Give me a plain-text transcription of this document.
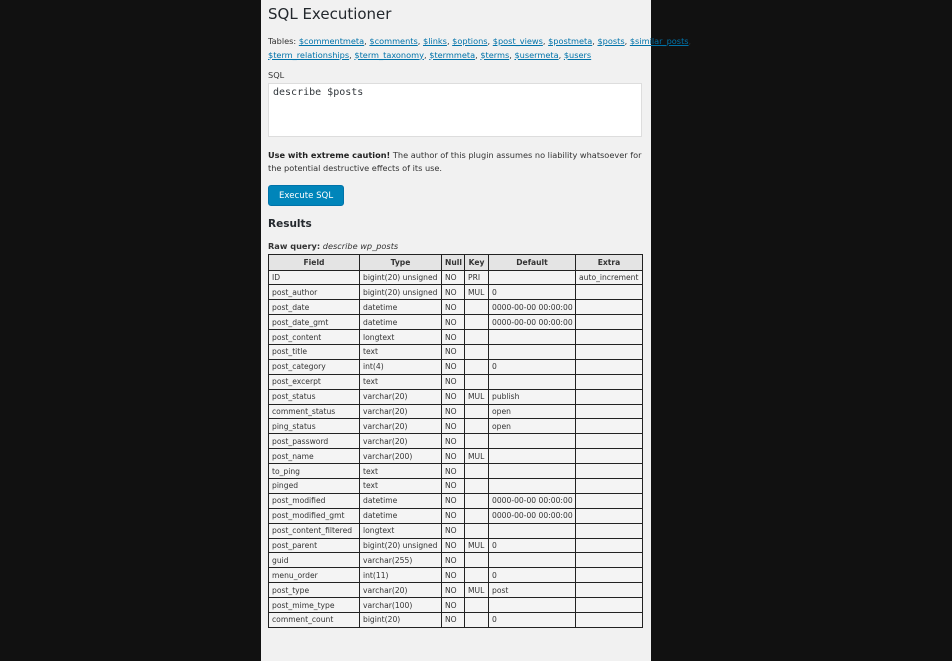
SQL Executioner
Tables: $commentmeta, $comments, $links, $options, $post_views, $postmeta, $posts, $similar_posts,
$term_relationships, $term_taxonomy, $termmeta, $terms, $usermeta, $users
SQL
describe $posts
Use with extreme caution! The author of this plugin assumes no liability whatsoever for the potential destructive effects of its use.
Execute SQL
Results
Raw query: describe wp_posts
Field	Type	Null	Key	Default	Extra
ID	bigint(20) unsigned	NO	PRI		auto_increment
post_author	bigint(20) unsigned	NO	MUL	0	
post_date	datetime	NO		0000-00-00 00:00:00	
post_date_gmt	datetime	NO		0000-00-00 00:00:00	
post_content	longtext	NO			
post_title	text	NO			
post_category	int(4)	NO		0	
post_excerpt	text	NO			
post_status	varchar(20)	NO	MUL	publish	
comment_status	varchar(20)	NO		open	
ping_status	varchar(20)	NO		open	
post_password	varchar(20)	NO			
post_name	varchar(200)	NO	MUL		
to_ping	text	NO			
pinged	text	NO			
post_modified	datetime	NO		0000-00-00 00:00:00	
post_modified_gmt	datetime	NO		0000-00-00 00:00:00	
post_content_filtered	longtext	NO			
post_parent	bigint(20) unsigned	NO	MUL	0	
guid	varchar(255)	NO			
menu_order	int(11)	NO		0	
post_type	varchar(20)	NO	MUL	post	
post_mime_type	varchar(100)	NO			
comment_count	bigint(20)	NO		0	
